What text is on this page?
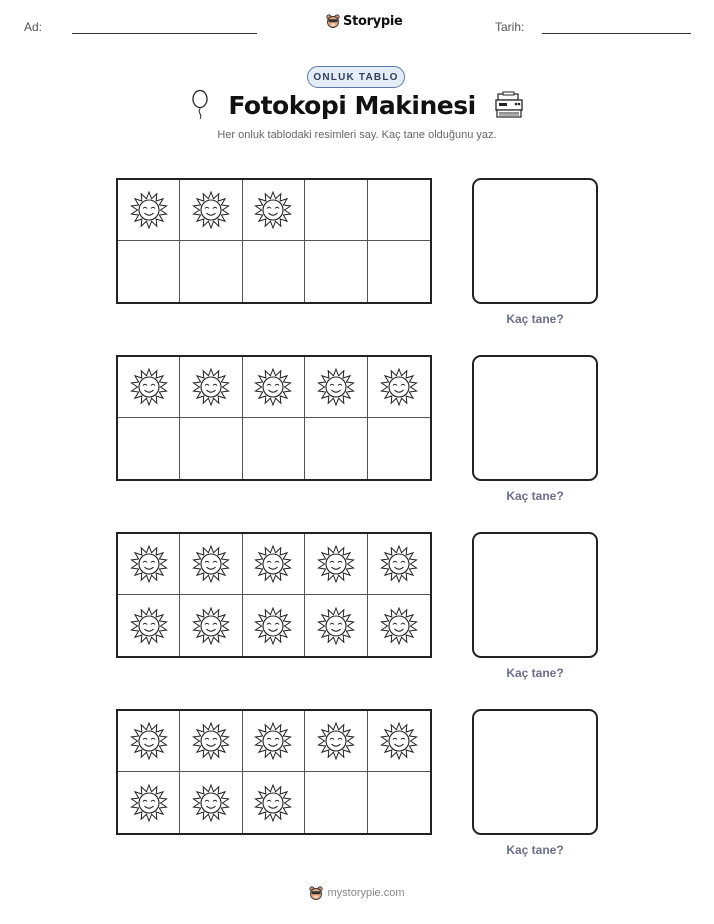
Ad:	Storypie	Tarih:
ONLUK TABLO
Fotokopi Makinesi
Her onluk tablodaki resimleri say. Kaç tane olduğunu yaz.
Kaç tane?
Kaç tane?
Kaç tane?
Kaç tane?
mystorypie.com
